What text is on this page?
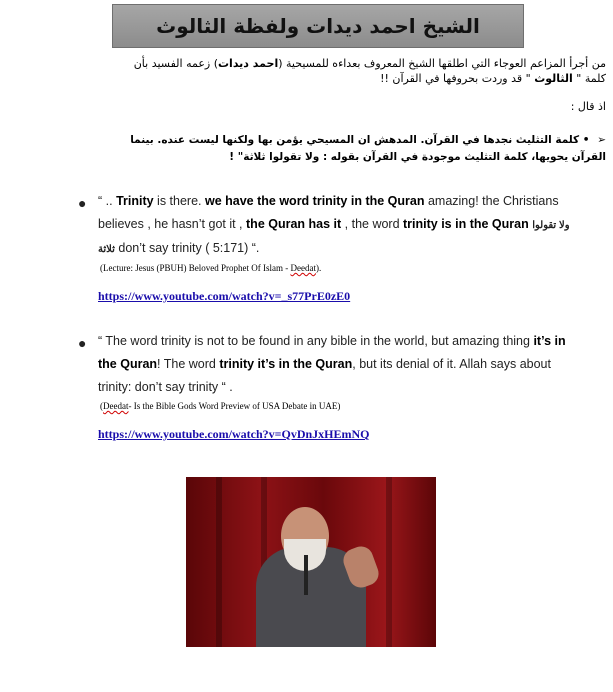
الشيخ احمد ديدات ولفظة الثالوث
من أجرأ المزاعم العوجاء التي اطلقها الشيخ المعروف بعداءه للمسيحية (احمد ديدات) زعمه الفسيد بأن كلمة " الثالوث " قد وردت بحروفها في القرآن !!
اذ قال :
➢ • كلمة التثليث نجدها في القرآن. المدهش ان المسيحي يؤمن بها ولكنها ليست عنده. بينما القرآن يحويها، كلمة التثليث موجودة في القرآن بقوله : ولا تقولوا ثلاثة" !
● “ .. Trinity is there. we have the word trinity in the Quran amazing! the Christians believes , he hasn’t got it , the Quran has it , the word trinity is in the Quran ولا تقولوا ثلاثة don’t say trinity ( 5:171) “.
(Lecture: Jesus (PBUH) Beloved Prophet Of Islam - Deedat).
https://www.youtube.com/watch?v=_s77PrE0zE0
● “ The word trinity is not to be found in any bible in the world, but amazing thing it’s in the Quran! The word trinity it’s in the Quran, but its denial of it. Allah says about trinity: don’t say trinity “ .
(Deedat- Is the Bible Gods Word Preview of USA Debate in UAE)
https://www.youtube.com/watch?v=QvDnJxHEmNQ
